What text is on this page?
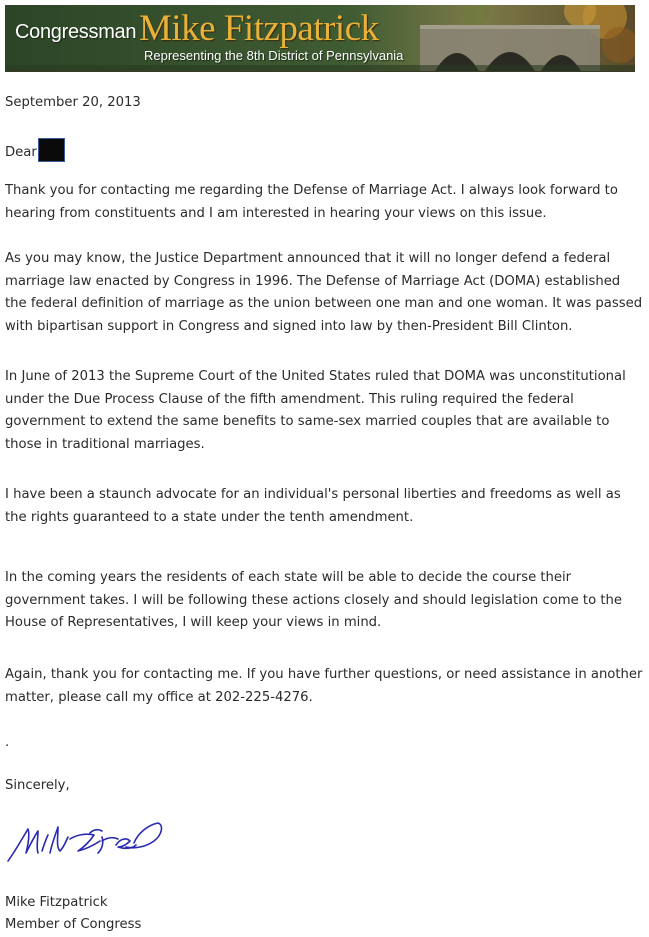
Congressman Mike Fitzpatrick
Representing the 8th District of Pennsylvania

September 20, 2013

Dear

Thank you for contacting me regarding the Defense of Marriage Act. I always look forward to hearing from constituents and I am interested in hearing your views on this issue.

As you may know, the Justice Department announced that it will no longer defend a federal marriage law enacted by Congress in 1996. The Defense of Marriage Act (DOMA) established the federal definition of marriage as the union between one man and one woman. It was passed with bipartisan support in Congress and signed into law by then-President Bill Clinton.

In June of 2013 the Supreme Court of the United States ruled that DOMA was unconstitutional under the Due Process Clause of the fifth amendment. This ruling required the federal government to extend the same benefits to same-sex married couples that are available to those in traditional marriages.

I have been a staunch advocate for an individual's personal liberties and freedoms as well as the rights guaranteed to a state under the tenth amendment.

In the coming years the residents of each state will be able to decide the course their government takes. I will be following these actions closely and should legislation come to the House of Representatives, I will keep your views in mind.

Again, thank you for contacting me. If you have further questions, or need assistance in another matter, please call my office at 202-225-4276.

.

Sincerely,

Mike Fitzpatrick

Member of Congress
